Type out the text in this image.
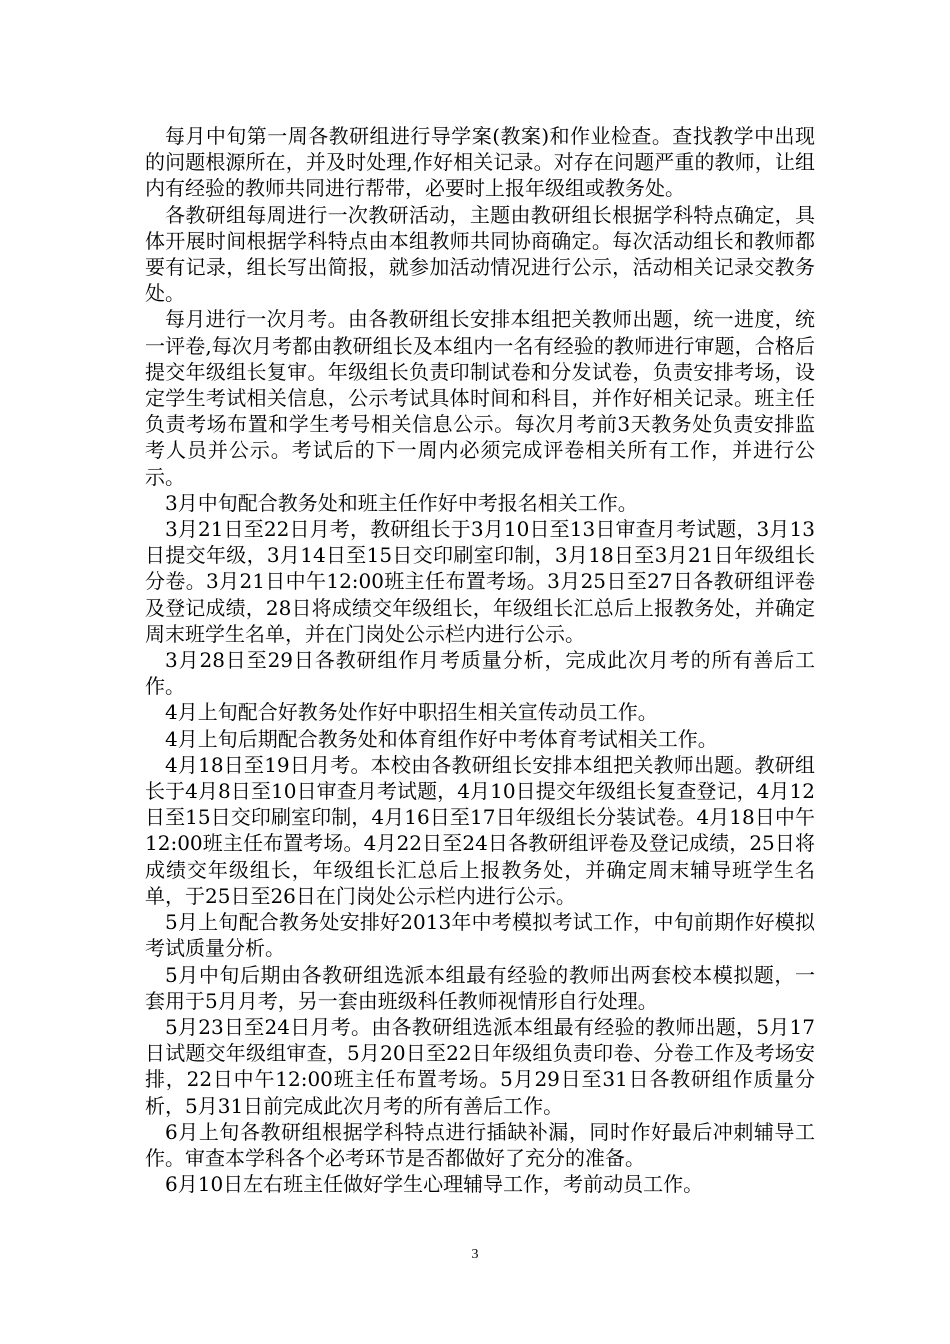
每月中旬第一周各教研组进行导学案(教案)和作业检查。查找教学中出现的问题根源所在，并及时处理,作好相关记录。对存在问题严重的教师，让组内有经验的教师共同进行帮带，必要时上报年级组或教务处。

各教研组每周进行一次教研活动，主题由教研组长根据学科特点确定，具体开展时间根据学科特点由本组教师共同协商确定。每次活动组长和教师都要有记录，组长写出简报，就参加活动情况进行公示，活动相关记录交教务处。

每月进行一次月考。由各教研组长安排本组把关教师出题，统一进度，统一评卷,每次月考都由教研组长及本组内一名有经验的教师进行审题，合格后提交年级组长复审。年级组长负责印制试卷和分发试卷，负责安排考场，设定学生考试相关信息，公示考试具体时间和科目，并作好相关记录。班主任负责考场布置和学生考号相关信息公示。每次月考前3天教务处负责安排监考人员并公示。考试后的下一周内必须完成评卷相关所有工作，并进行公示。

3月中旬配合教务处和班主任作好中考报名相关工作。

3月21日至22日月考，教研组长于3月10日至13日审查月考试题，3月13日提交年级，3月14日至15日交印刷室印制，3月18日至3月21日年级组长分卷。3月21日中午12:00班主任布置考场。3月25日至27日各教研组评卷及登记成绩，28日将成绩交年级组长，年级组长汇总后上报教务处，并确定周末班学生名单，并在门岗处公示栏内进行公示。

3月28日至29日各教研组作月考质量分析，完成此次月考的所有善后工作。

4月上旬配合好教务处作好中职招生相关宣传动员工作。

4月上旬后期配合教务处和体育组作好中考体育考试相关工作。

4月18日至19日月考。本校由各教研组长安排本组把关教师出题。教研组长于4月8日至10日审查月考试题，4月10日提交年级组长复查登记，4月12日至15日交印刷室印制，4月16日至17日年级组长分装试卷。4月18日中午12:00班主任布置考场。4月22日至24日各教研组评卷及登记成绩，25日将成绩交年级组长，年级组长汇总后上报教务处，并确定周末辅导班学生名单，于25日至26日在门岗处公示栏内进行公示。

5月上旬配合教务处安排好2013年中考模拟考试工作，中旬前期作好模拟考试质量分析。

5月中旬后期由各教研组选派本组最有经验的教师出两套校本模拟题，一套用于5月月考，另一套由班级科任教师视情形自行处理。

5月23日至24日月考。由各教研组选派本组最有经验的教师出题，5月17日试题交年级组审查，5月20日至22日年级组负责印卷、分卷工作及考场安排，22日中午12:00班主任布置考场。5月29日至31日各教研组作质量分析，5月31日前完成此次月考的所有善后工作。

6月上旬各教研组根据学科特点进行插缺补漏，同时作好最后冲刺辅导工作。审查本学科各个必考环节是否都做好了充分的准备。

6月10日左右班主任做好学生心理辅导工作，考前动员工作。

3
